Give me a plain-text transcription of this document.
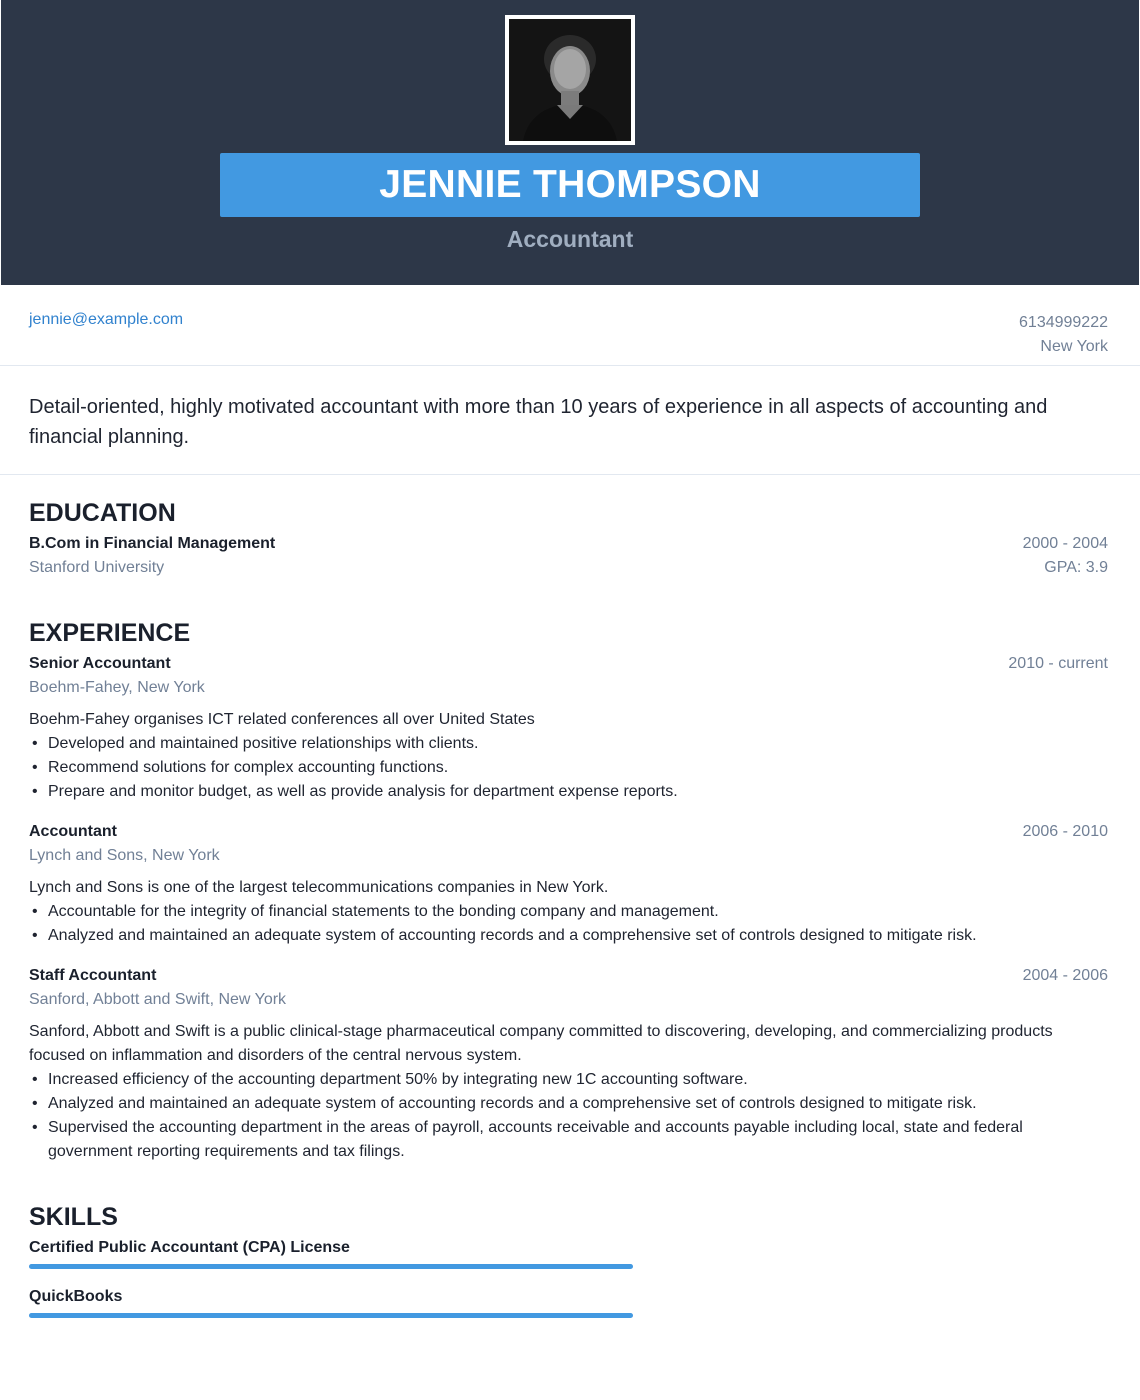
JENNIE THOMPSON
Accountant
jennie@example.com	6134999222
New York
Detail-oriented, highly motivated accountant with more than 10 years of experience in all aspects of accounting and financial planning.
EDUCATION
B.Com in Financial Management	2000 - 2004
Stanford University	GPA: 3.9
EXPERIENCE
Senior Accountant	2010 - current
Boehm-Fahey, New York

Boehm-Fahey organises ICT related conferences all over United States

• Developed and maintained positive relationships with clients.
• Recommend solutions for complex accounting functions.
• Prepare and monitor budget, as well as provide analysis for department expense reports.
Accountant	2006 - 2010
Lynch and Sons, New York

Lynch and Sons is one of the largest telecommunications companies in New York.

• Accountable for the integrity of financial statements to the bonding company and management.
• Analyzed and maintained an adequate system of accounting records and a comprehensive set of controls designed to mitigate risk.
Staff Accountant	2004 - 2006
Sanford, Abbott and Swift, New York

Sanford, Abbott and Swift is a public clinical-stage pharmaceutical company committed to discovering, developing, and commercializing products focused on inflammation and disorders of the central nervous system.

• Increased efficiency of the accounting department 50% by integrating new 1C accounting software.
• Analyzed and maintained an adequate system of accounting records and a comprehensive set of controls designed to mitigate risk.
• Supervised the accounting department in the areas of payroll, accounts receivable and accounts payable including local, state and federal government reporting requirements and tax filings.
SKILLS
Certified Public Accountant (CPA) License
QuickBooks
